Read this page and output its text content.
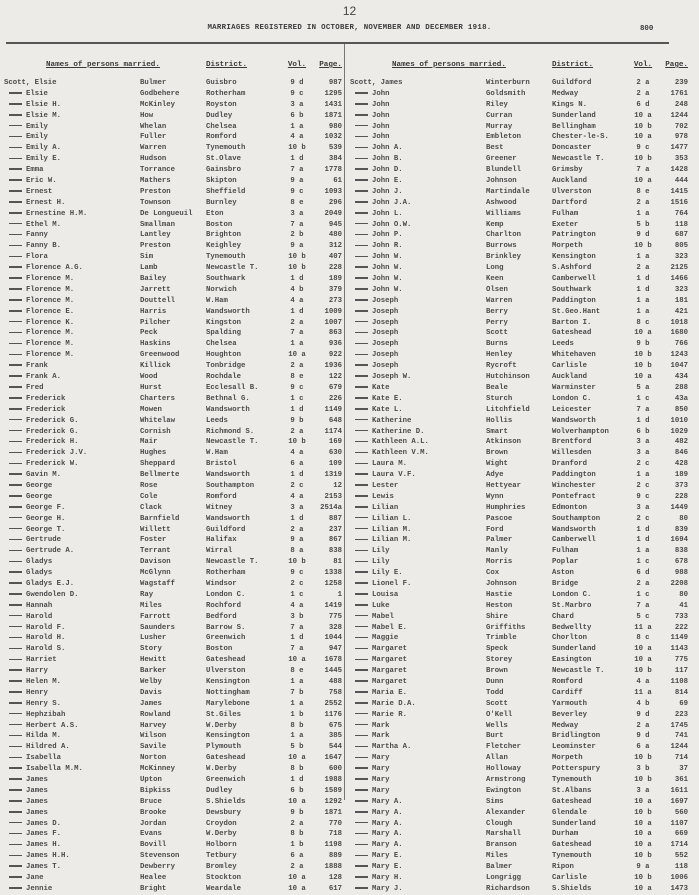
12
MARRIAGES REGISTERED IN OCTOBER, NOVEMBER AND DECEMBER 1918.	800
Names of persons married.	District.	Vol.	Page.
Scott, Elsie	Bulmer	Guisbro	9 d	987
Elsie	Godbehere	Rotherham	9 c	1295
Elsie H.	McKinley	Royston	3 a	1431
Elsie M.	How	Dudley	6 b	1871
Emily	Whelan	Chelsea	1 a	980
Emily	Fuller	Romford	4 a	1032
Emily A.	Warren	Tynemouth	10 b	539
Emily E.	Hudson	St.Olave	1 d	384
Emma	Torrance	Gainsbro	7 a	1778
Eric W.	Mathers	Skipton	9 a	61
Ernest	Preston	Sheffield	9 c	1093
Ernest H.	Townson	Burnley	8 e	296
Ernestine H.M.	De Longueuil	Eton	3 a	2049
Ethel M.	Smallman	Boston	7 a	945
Fanny	Lantley	Brighton	2 b	480
Fanny B.	Preston	Keighley	9 a	312
Flora	Sim	Tynemouth	10 b	407
Florence A.G.	Lamb	Newcastle T.	10 b	228
Florence M.	Bailey	Southwark	1 d	189
Florence M.	Jarrett	Norwich	4 b	379
Florence M.	Douttell	W.Ham	4 a	273
Florence E.	Harris	Wandsworth	1 d	1009
Florence K.	Pilcher	Kingston	2 a	1007
Florence M.	Peck	Spalding	7 a	863
Florence M.	Haskins	Chelsea	1 a	936
Florence M.	Greenwood	Houghton	10 a	922
Frank	Killick	Tonbridge	2 a	1936
Frank A.	Wood	Rochdale	8 e	122
Fred	Hurst	Ecclesall B.	9 c	679
Frederick	Charters	Bethnal G.	1 c	226
Frederick	Mowen	Wandsworth	1 d	1149
Frederick G.	Whitelaw	Leeds	9 b	648
Frederick G.	Cornish	Richmond S.	2 a	1174
Frederick H.	Mair	Newcastle T.	10 b	169
Frederick J.V.	Hughes	W.Ham	4 a	630
Frederick W.	Sheppard	Bristol	6 a	109
Gavin M.	Bellmerte	Wandsworth	1 d	1319
George	Rose	Southampton	2 c	12
George	Cole	Romford	4 a	2153
George F.	Clack	Witney	3 a	2514a
George H.	Barnfield	Wandsworth	1 d	887
George T.	Willett	Guildford	2 a	237
Gertrude	Foster	Halifax	9 a	867
Gertrude A.	Terrant	Wirral	8 a	838
Gladys	Davison	Newcastle T.	10 b	81
Gladys	McGlynn	Rotherham	9 c	1338
Gladys E.J.	Wagstaff	Windsor	2 c	1258
Gwendolen D.	Ray	London C.	1 c	1
Hannah	Miles	Rochford	4 a	1419
Harold	Farrott	Bedford	3 b	775
Harold F.	Saunders	Barrow S.	7 a	328
Harold H.	Lusher	Greenwich	1 d	1044
Harold S.	Story	Boston	7 a	947
Harriet	Hewitt	Gateshead	10 a	1678
Harry	Barker	Ulverston	8 e	1445
Helen M.	Welby	Kensington	1 a	488
Henry	Davis	Nottingham	7 b	758
Henry S.	James	Marylebone	1 a	2552
Hephzibah	Rowland	St.Giles	1 b	1176
Herbert A.S.	Harvey	W.Derby	8 b	675
Hilda M.	Wilson	Kensington	1 a	385
Hildred A.	Savile	Plymouth	5 b	544
Isabella	Norton	Gateshead	10 a	1647
Isabella M.M.	McKinney	W.Derby	8 b	600
James	Upton	Greenwich	1 d	1988
James	Bipkiss	Dudley	6 b	1589
James	Bruce	S.Shields	10 a	1292
James	Brooke	Dewsbury	9 b	1871
James D.	Jordan	Croydon	2 a	770
James F.	Evans	W.Derby	8 b	718
James H.	Bovill	Holborn	1 b	1198
James H.H.	Stevenson	Tetbury	6 a	889
James T.	Dewberry	Bromley	2 a	1888
Jane	Healee	Stockton	10 a	128
Jennie	Bright	Weardale	10 a	617
Names of persons married.	District.	Vol.	Page.
Scott, James	Winterburn	Guildford	2 a	239
John	Goldsmith	Medway	2 a	1761
John	Riley	Kings N.	6 d	248
John	Curran	Sunderland	10 a	1244
John	Murray	Bellingham	10 b	702
John	Embleton	Chester-le-S.	10 a	978
John A.	Best	Doncaster	9 c	1477
John B.	Greener	Newcastle T.	10 b	353
John D.	Blundell	Grimsby	7 a	1428
John E.	Johnson	Auckland	10 a	444
John J.	Martindale	Ulverston	8 e	1415
John J.A.	Ashwood	Dartford	2 a	1516
John L.	Williams	Fulham	1 a	764
John O.W.	Kemp	Exeter	5 b	118
John P.	Charlton	Patrington	9 d	687
John R.	Burrows	Morpeth	10 b	805
John W.	Brinkley	Kensington	1 a	323
John W.	Long	S.Ashford	2 a	2125
John W.	Keen	Camberwell	1 d	1466
John W.	Olsen	Southwark	1 d	323
Joseph	Warren	Paddington	1 a	181
Joseph	Berry	St.Geo.Hant	1 a	421
Joseph	Perry	Barton I.	8 c	1018
Joseph	Scott	Gateshead	10 a	1680
Joseph	Burns	Leeds	9 b	766
Joseph	Henley	Whitehaven	10 b	1243
Joseph	Rycroft	Carlisle	10 b	1047
Joseph W.	Hutchinson	Auckland	10 a	434
Kate	Beale	Warminster	5 a	288
Kate E.	Sturch	London C.	1 c	43a
Kate L.	Litchfield	Leicester	7 a	850
Katherine	Hollis	Wandsworth	1 d	1010
Katherine D.	Smart	Wolverhampton	6 b	1029
Kathleen A.L.	Atkinson	Brentford	3 a	482
Kathleen V.M.	Brown	Willesden	3 a	846
Laura M.	Wight	Dranford	2 c	428
Laura V.F.	Adye	Paddington	1 a	189
Lester	Hettyear	Winchester	2 c	373
Lewis	Wynn	Pontefract	9 c	228
Lilian	Humphries	Edmonton	3 a	1449
Lilian L.	Pascoe	Southampton	2 c	80
Lilian M.	Ford	Wandsworth	1 d	839
Lilian M.	Palmer	Camberwell	1 d	1694
Lily	Manly	Fulham	1 a	838
Lily	Morris	Poplar	1 c	678
Lily E.	Cox	Aston	6 d	988
Lionel F.	Johnson	Bridge	2 a	2208
Louisa	Hastie	London C.	1 c	80
Luke	Heston	St.Marbro	7 a	41
Mabel	Shire	Chard	5 c	733
Mabel E.	Griffiths	Bedwellty	11 a	222
Maggie	Trimble	Chorlton	8 c	1149
Margaret	Speck	Sunderland	10 a	1143
Margaret	Storey	Easington	10 a	775
Margaret	Brown	Newcastle T.	10 b	117
Margaret	Dunn	Romford	4 a	1108
Maria E.	Todd	Cardiff	11 a	814
Marie D.A.	Scott	Yarmouth	4 b	69
Marie R.	O'Kell	Beverley	9 d	223
Mark	Wells	Medway	2 a	1745
Mark	Burt	Bridlington	9 d	741
Martha A.	Fletcher	Leominster	6 a	1244
Mary	Allan	Morpeth	10 b	714
Mary	Holloway	Potterspury	3 b	37
Mary	Armstrong	Tynemouth	10 b	361
Mary	Ewington	St.Albans	3 a	1611
Mary A.	Sims	Gateshead	10 a	1697
Mary A.	Alexander	Glendale	10 b	560
Mary A.	Clough	Sunderland	10 a	1107
Mary A.	Marshall	Durham	10 a	669
Mary A.	Branson	Gateshead	10 a	1714
Mary E.	Miles	Tynemouth	10 b	552
Mary E.	Balmer	Ripon	9 a	118
Mary H.	Longrigg	Carlisle	10 b	1006
Mary J.	Richardson	S.Shields	10 a	1473
